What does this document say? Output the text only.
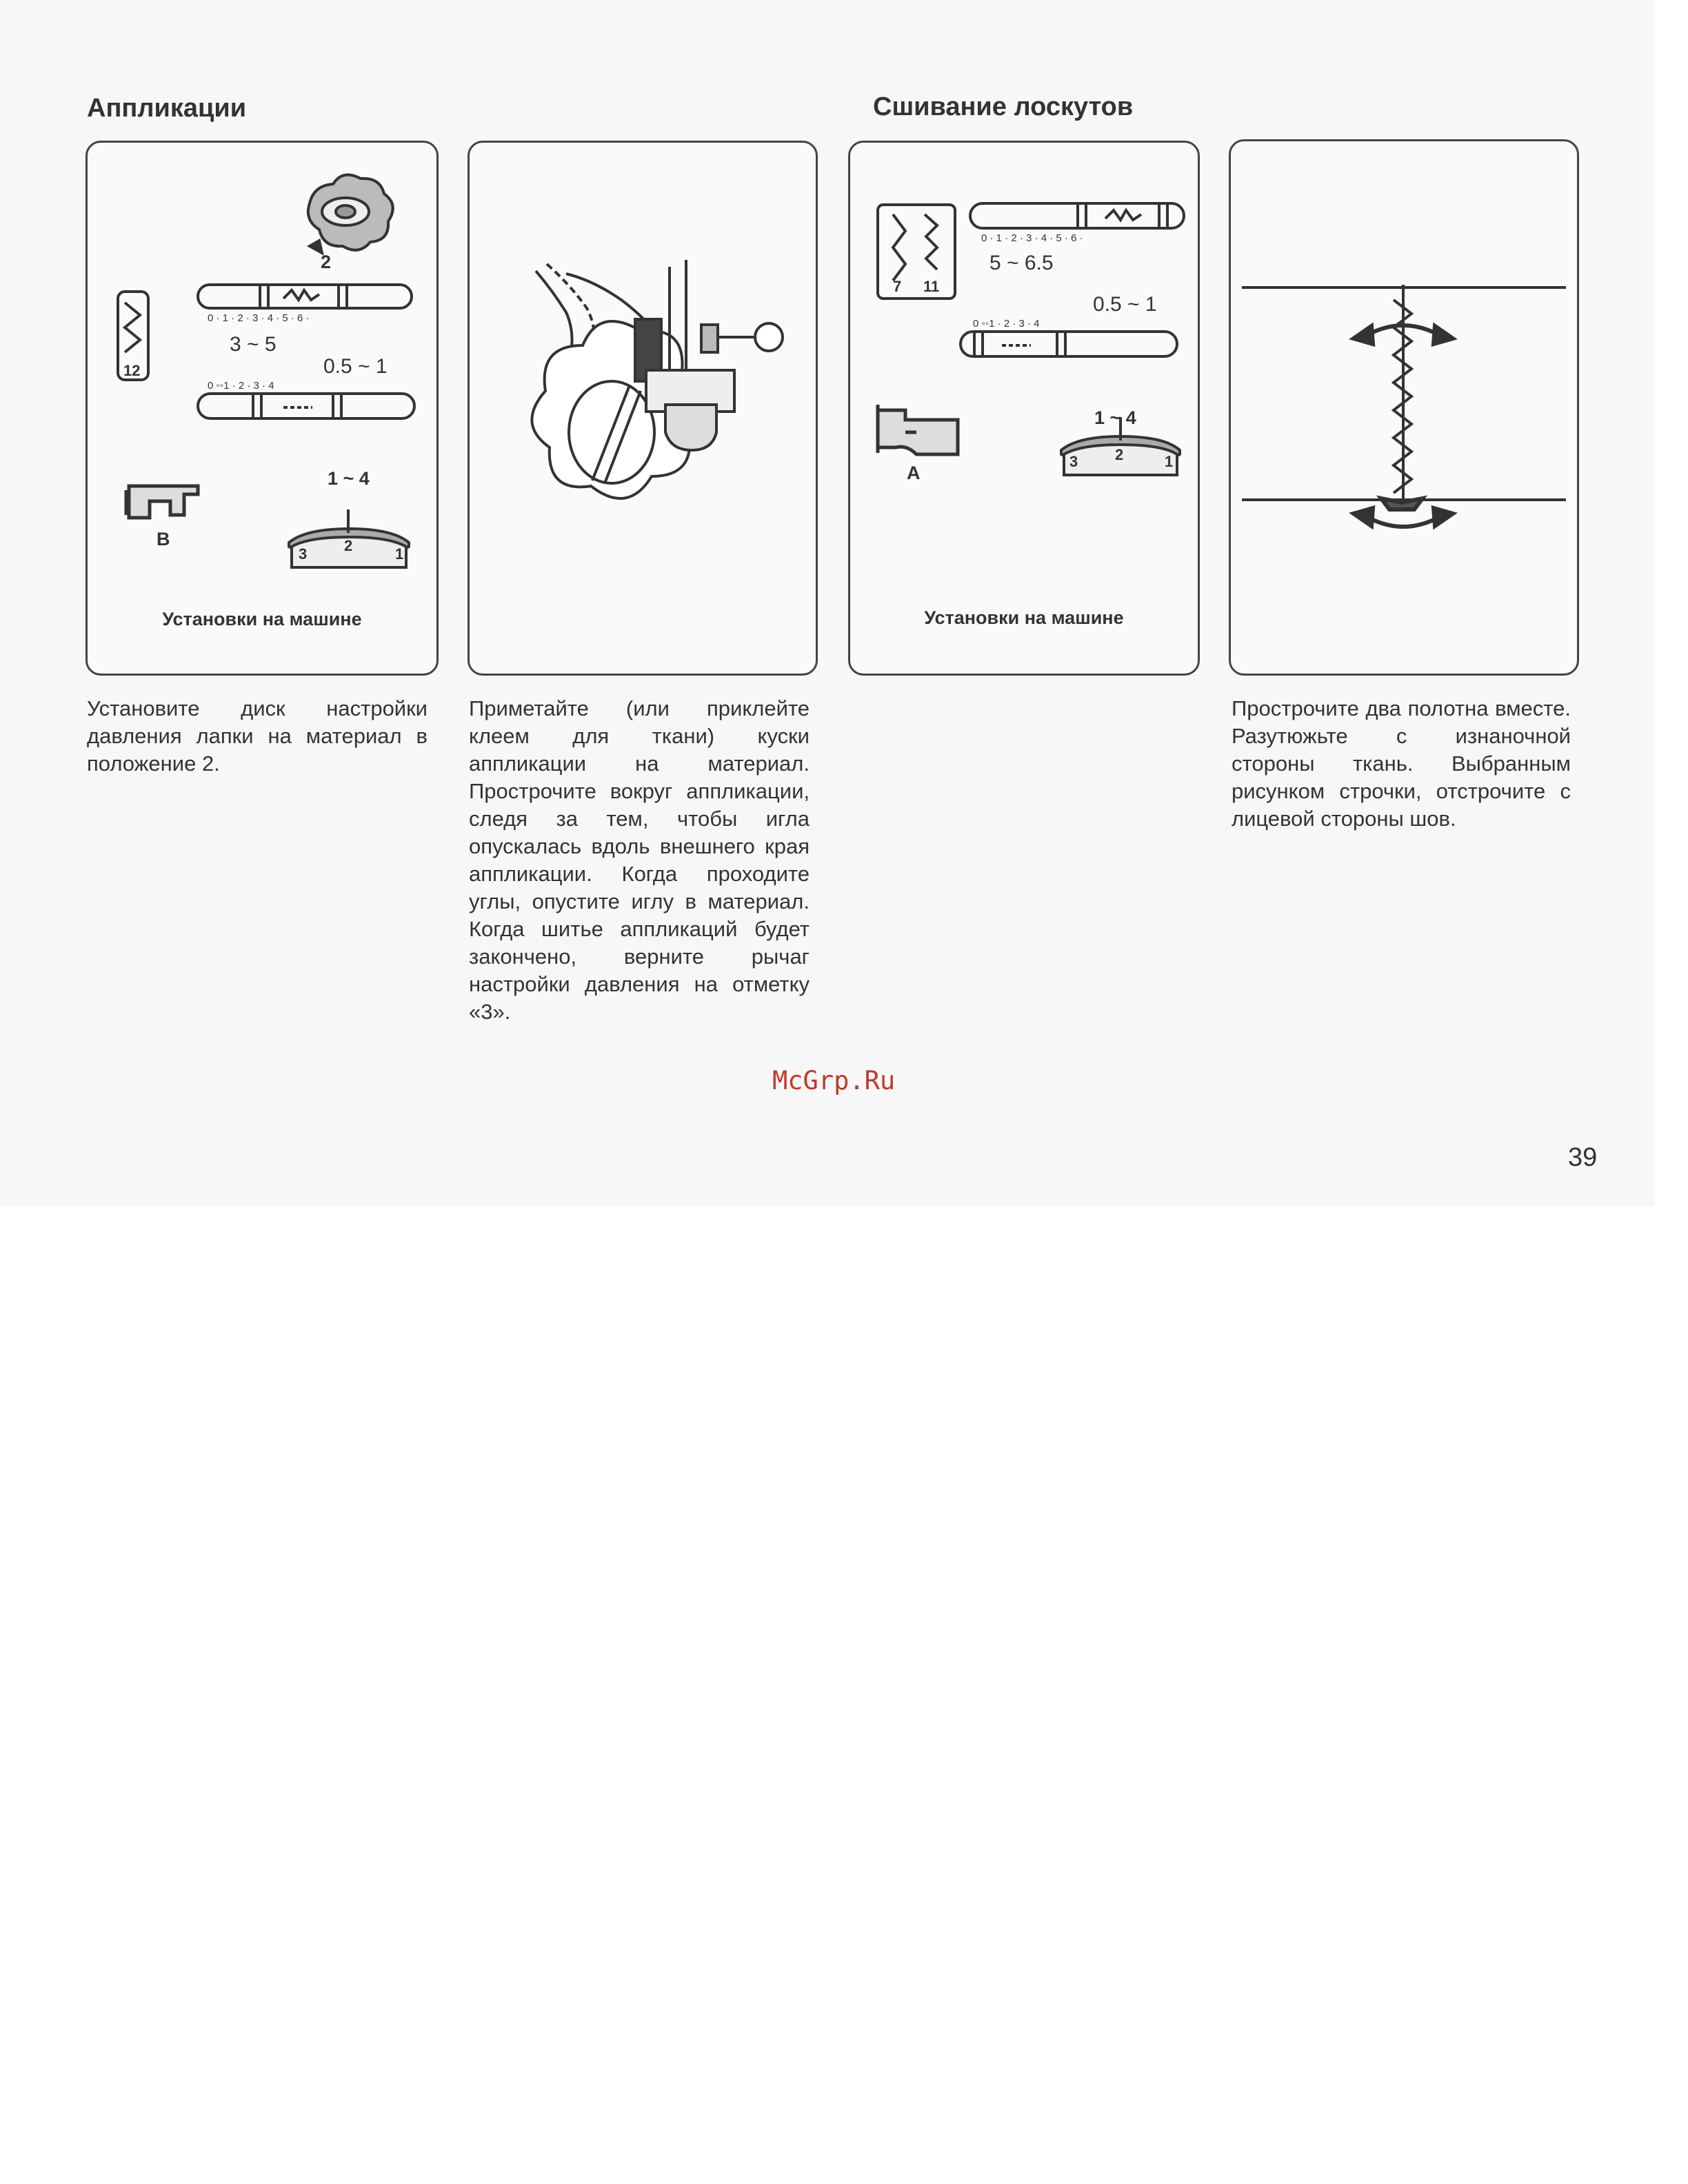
Аппликации	Сшивание лоскутов
2
12
0 · 1 · 2 · 3 · 4 · 5 · 6 ·
3 ~ 5
0.5 ~ 1
0 ◦◦1 · 2 · 3 · 4
B
1 ~ 4
3 2	1
Установки на машине
7 11
0 · 1 · 2 · 3 · 4 · 5 · 6 ·
5 ~ 6.5
0.5 ~ 1
0 ◦◦1 · 2 · 3 · 4
A
1 ~ 4
3 2	1
Установки на машине
Установите диск настройки давления лапки на материал в положение 2.
Приметайте (или приклейте клеем для ткани) куски аппликации на материал. Прострочите вокруг аппликации, следя за тем, чтобы игла опускалась вдоль внешнего края аппликации. Когда проходите углы, опустите иглу в материал. Когда шитье аппликаций будет закончено, верните рычаг настройки давления на отметку «3».
Прострочите два полотна вместе. Разутюжьте с изнаночной стороны ткань. Выбранным рисунком строчки, отстрочите с лицевой стороны шов.
McGrp.Ru
39
